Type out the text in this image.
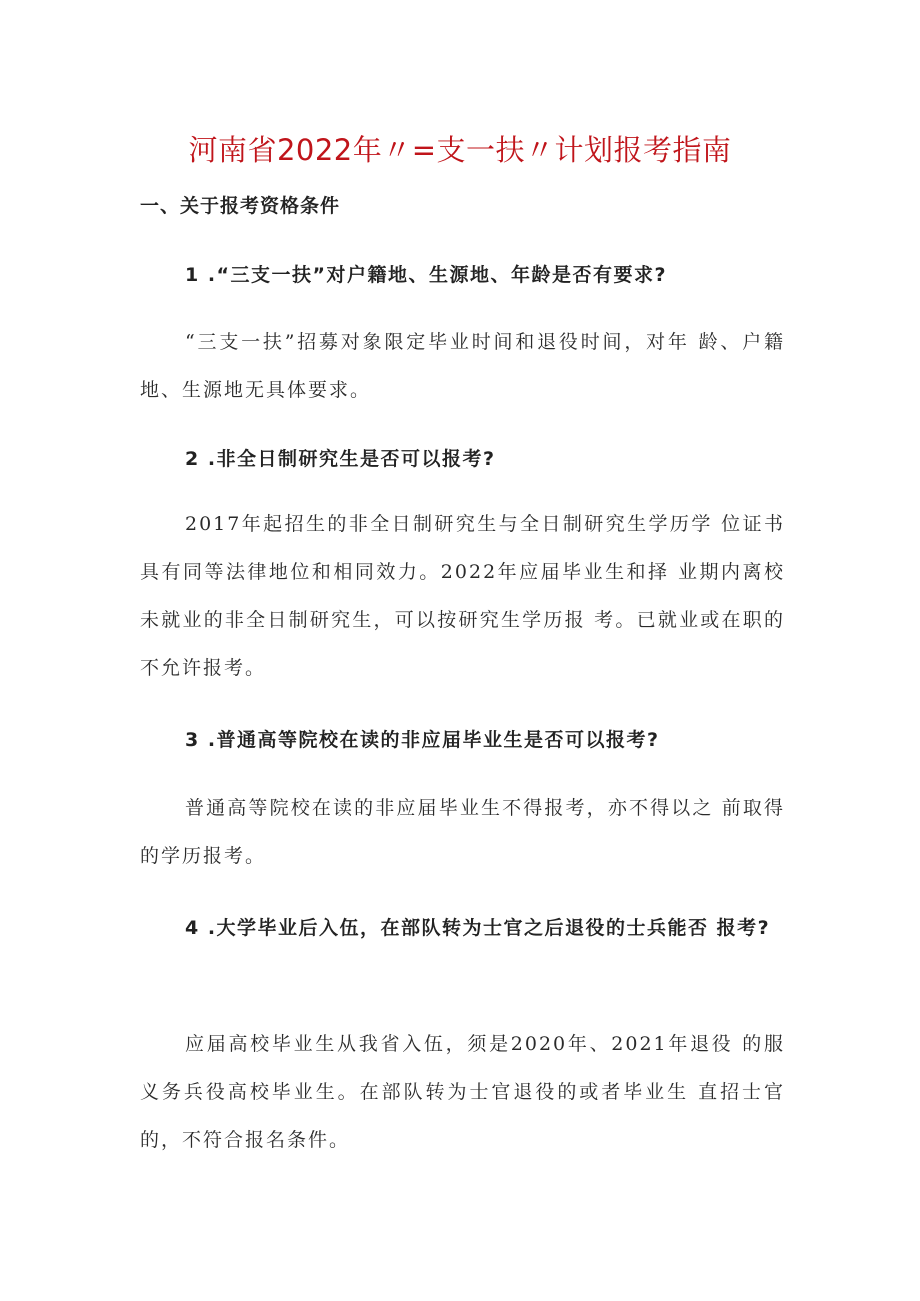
河南省2022年〃=支一扶〃计划报考指南
一、关于报考资格条件
1 .“三支一扶”对户籍地、生源地、年龄是否有要求?
“三支一扶”招募对象限定毕业时间和退役时间，对年 龄、户籍地、生源地无具体要求。
2 .非全日制研究生是否可以报考?
2017年起招生的非全日制研究生与全日制研究生学历学 位证书具有同等法律地位和相同效力。2022年应届毕业生和择 业期内离校未就业的非全日制研究生，可以按研究生学历报 考。已就业或在职的不允许报考。
3 .普通高等院校在读的非应届毕业生是否可以报考?
普通高等院校在读的非应届毕业生不得报考，亦不得以之 前取得的学历报考。
4 .大学毕业后入伍，在部队转为士官之后退役的士兵能否 报考?
应届高校毕业生从我省入伍，须是2020年、2021年退役 的服义务兵役高校毕业生。在部队转为士官退役的或者毕业生 直招士官的，不符合报名条件。
